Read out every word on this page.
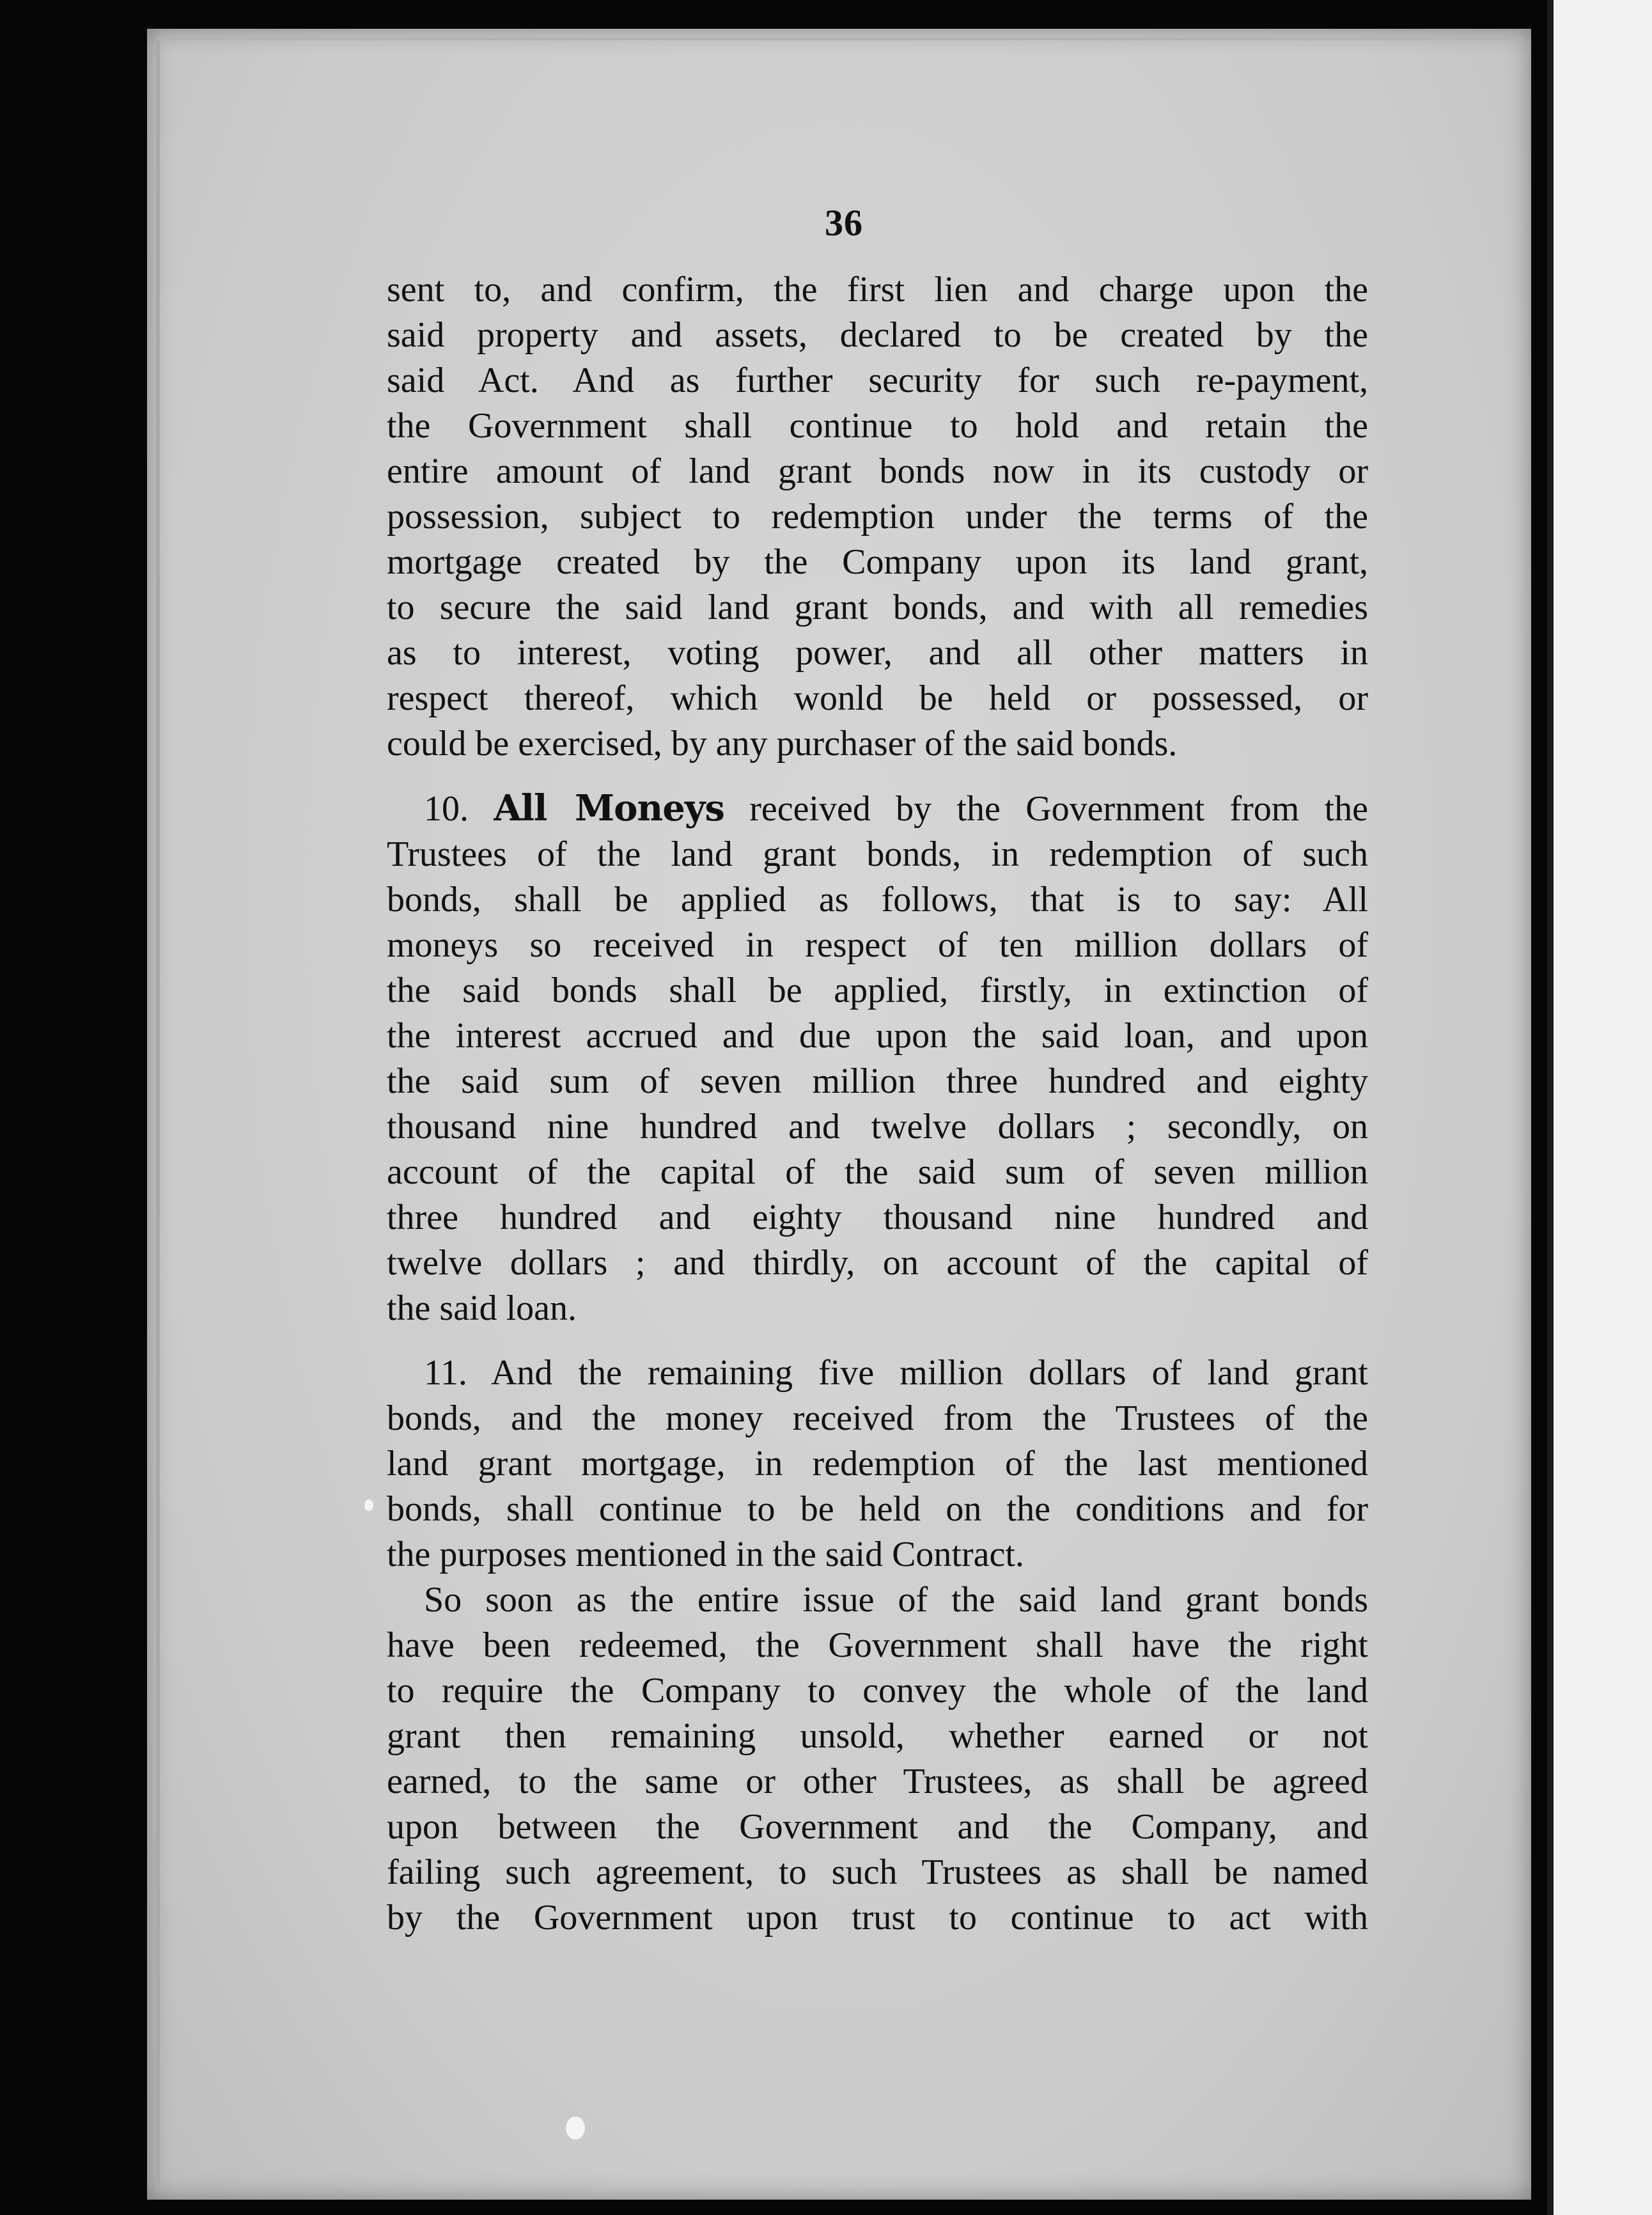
36
sent to, and confirm, the first lien and charge upon the
said property and assets, declared to be created by the
said Act. And as further security for such re-payment,
the Government shall continue to hold and retain the
entire amount of land grant bonds now in its custody or
possession, subject to redemption under the terms of the
mortgage created by the Company upon its land grant,
to secure the said land grant bonds, and with all remedies
as to interest, voting power, and all other matters in
respect thereof, which wonld be held or possessed, or
could be exercised, by any purchaser of the said bonds.
10. All Moneys received by the Government from the
Trustees of the land grant bonds, in redemption of such
bonds, shall be applied as follows, that is to say: All
moneys so received in respect of ten million dollars of
the said bonds shall be applied, firstly, in extinction of
the interest accrued and due upon the said loan, and upon
the said sum of seven million three hundred and eighty
thousand nine hundred and twelve dollars ; secondly, on
account of the capital of the said sum of seven million
three hundred and eighty thousand nine hundred and
twelve dollars ; and thirdly, on account of the capital of
the said loan.
11. And the remaining five million dollars of land grant
bonds, and the money received from the Trustees of the
land grant mortgage, in redemption of the last mentioned
bonds, shall continue to be held on the conditions and for
the purposes mentioned in the said Contract.
So soon as the entire issue of the said land grant bonds
have been redeemed, the Government shall have the right
to require the Company to convey the whole of the land
grant then remaining unsold, whether earned or not
earned, to the same or other Trustees, as shall be agreed
upon between the Government and the Company, and
failing such agreement, to such Trustees as shall be named
by the Government upon trust to continue to act with
